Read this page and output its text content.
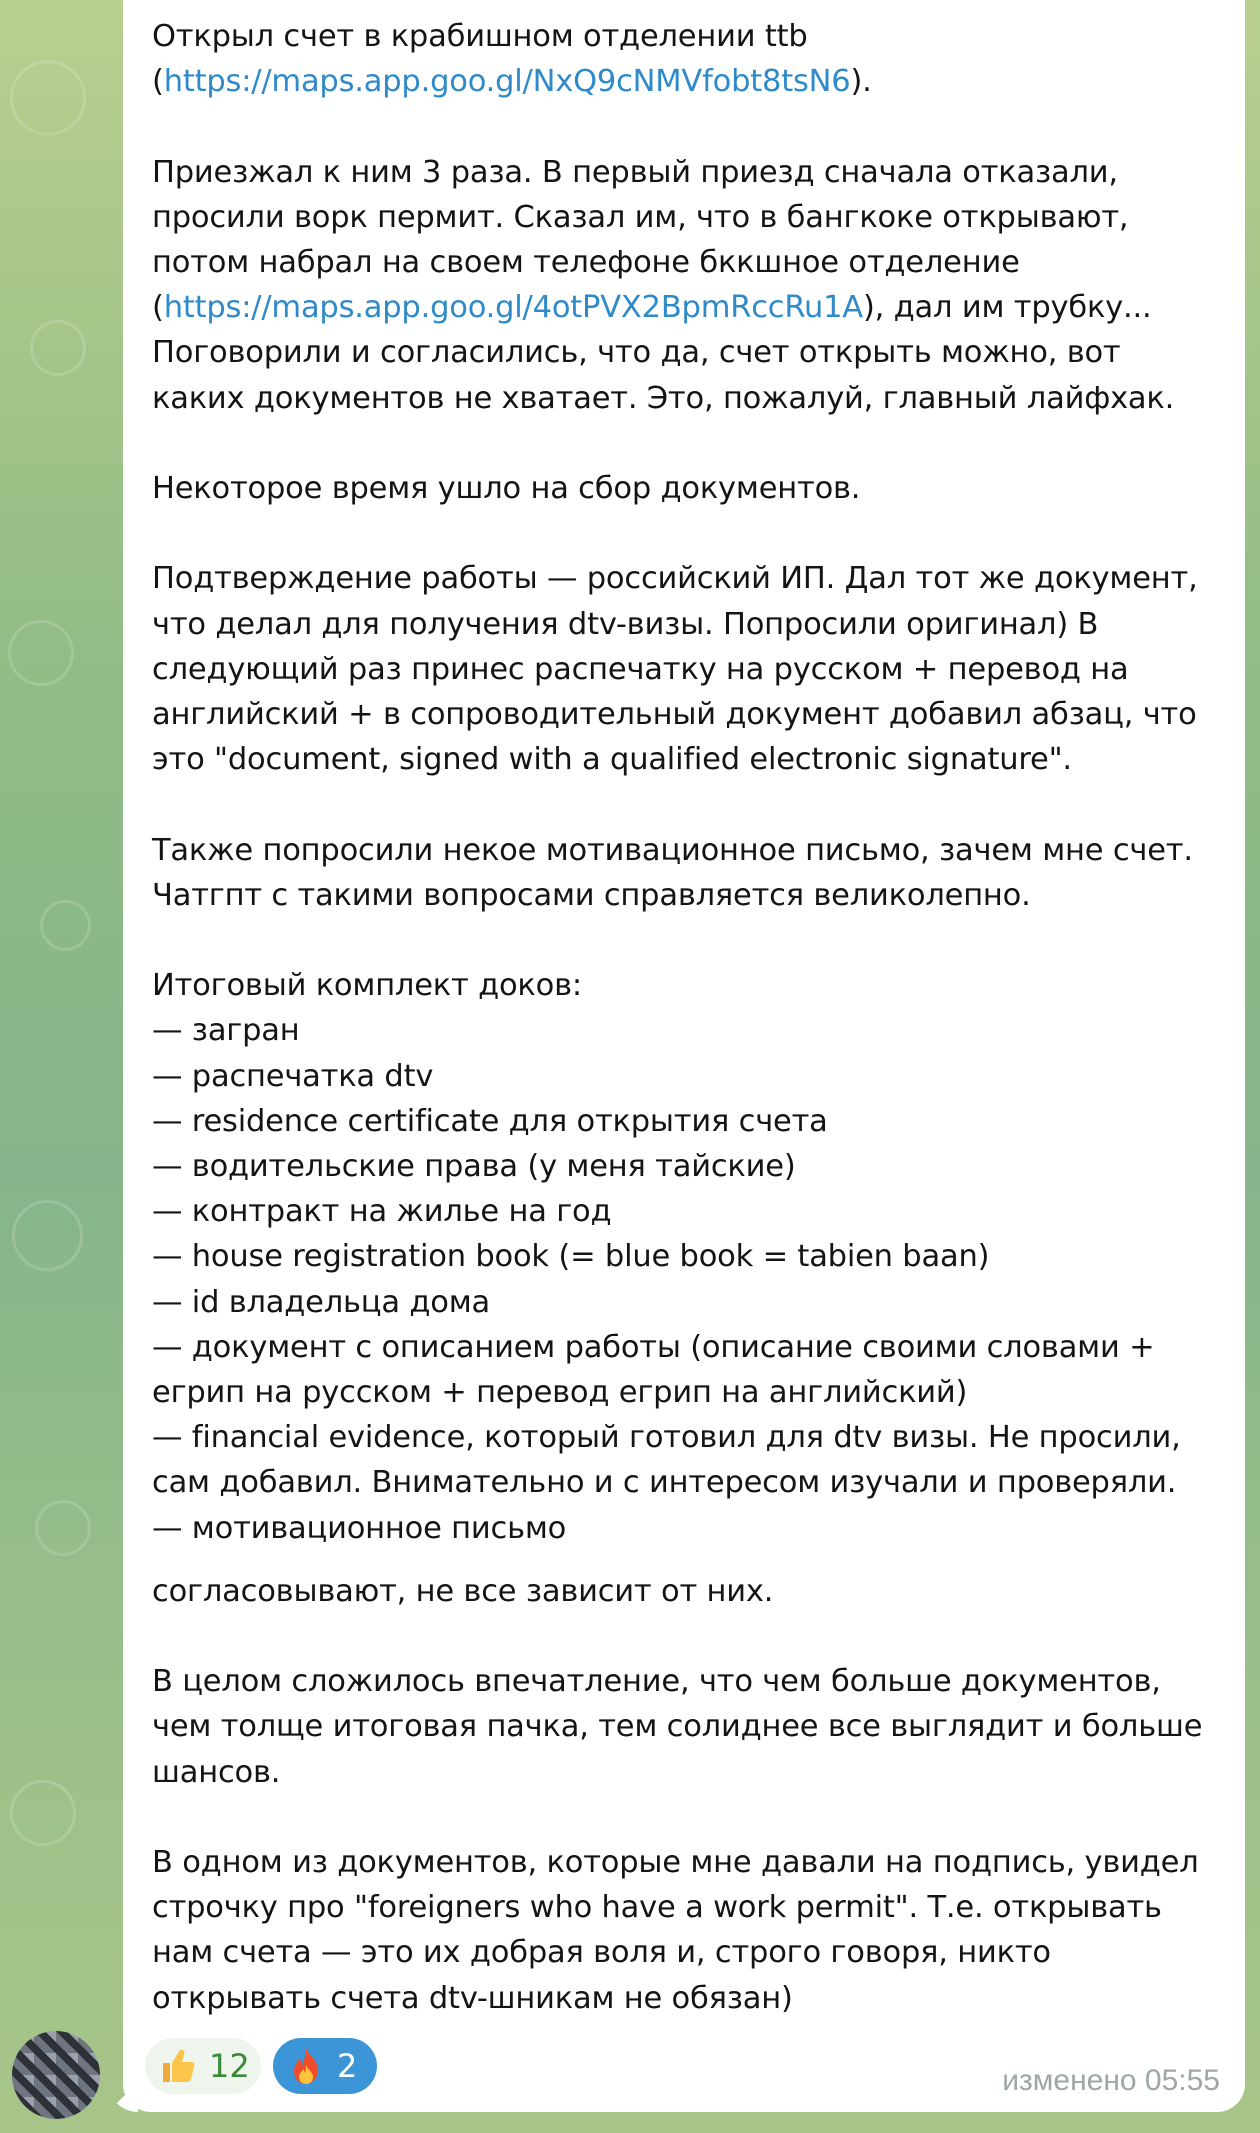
Открыл счет в крабишном отделении ttb
(https://maps.app.goo.gl/NxQ9cNMVfobt8tsN6).
Приезжал к ним 3 раза. В первый приезд сначала отказали,
просили ворк пермит. Сказал им, что в бангкоке открывают,
потом набрал на своем телефоне бккшное отделение
(https://maps.app.goo.gl/4otPVX2BpmRccRu1A), дал им трубку...
Поговорили и согласились, что да, счет открыть можно, вот
каких документов не хватает. Это, пожалуй, главный лайфхак.
Некоторое время ушло на сбор документов.
Подтверждение работы — российский ИП. Дал тот же документ,
что делал для получения dtv-визы. Попросили оригинал) В
следующий раз принес распечатку на русском + перевод на
английский + в сопроводительный документ добавил абзац, что
это "document, signed with a qualified electronic signature".
Также попросили некое мотивационное письмо, зачем мне счет.
Чатгпт с такими вопросами справляется великолепно.
Итоговый комплект доков:
— загран
— распечатка dtv
— residence certificate для открытия счета
— водительские права (у меня тайские)
— контракт на жилье на год
— house registration book (= blue book = tabien baan)
— id владельца дома
— документ с описанием работы (описание своими словами +
егрип на русском + перевод егрип на английский)
— financial evidence, который готовил для dtv визы. Не просили,
сам добавил. Внимательно и с интересом изучали и проверяли.
— мотивационное письмо
согласовывают, не все зависит от них.
В целом сложилось впечатление, что чем больше документов,
чем толще итоговая пачка, тем солиднее все выглядит и больше
шансов.
В одном из документов, которые мне давали на подпись, увидел
строчку про "foreigners who have a work permit". Т.е. открывать
нам счета — это их добрая воля и, строго говоря, никто
открывать счета dtv-шникам не обязан)
12	2	изменено 05:55
